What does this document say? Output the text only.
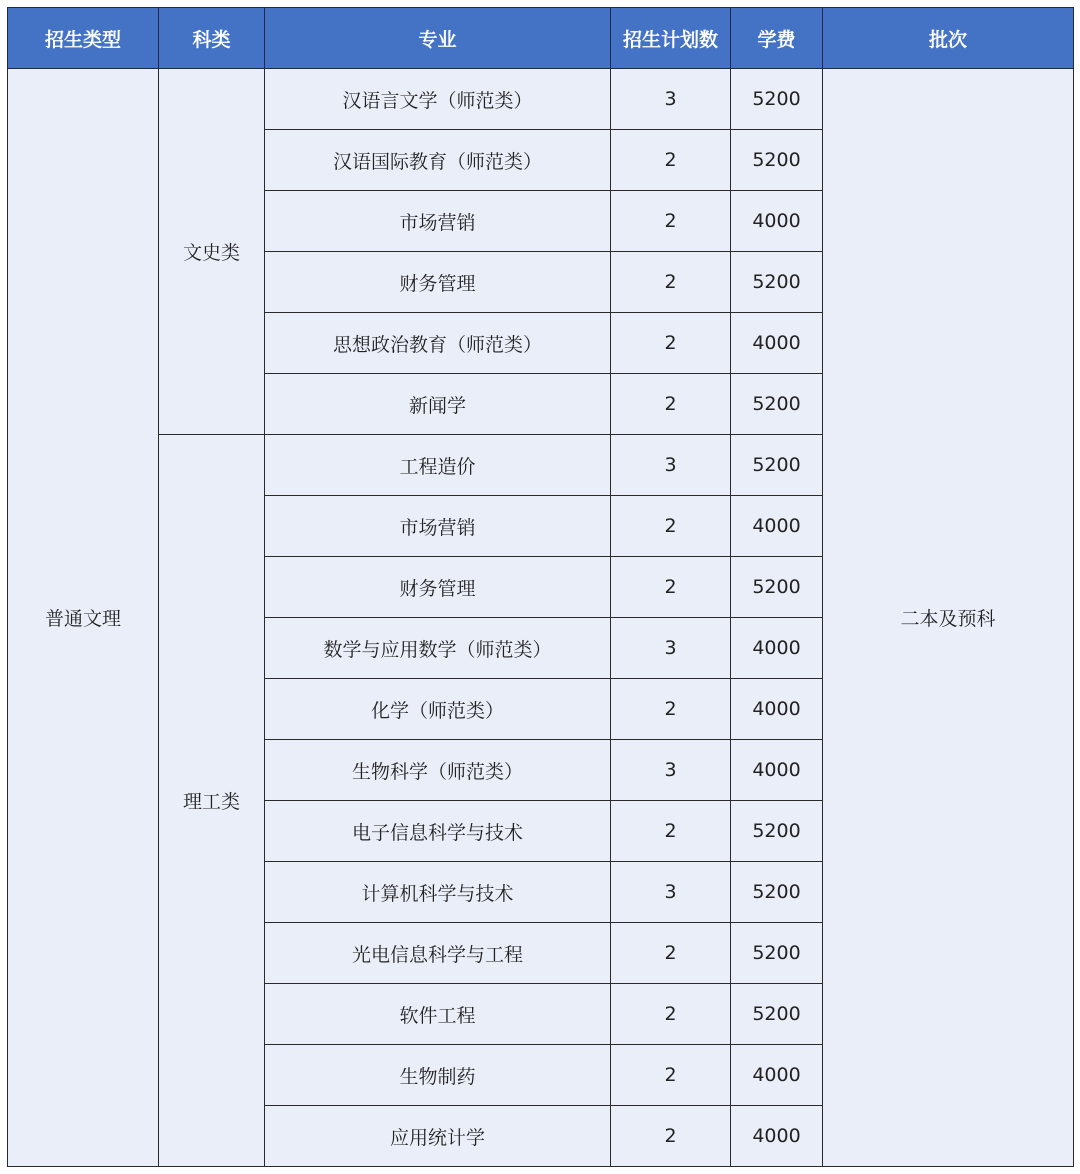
招生类型	科类	专业	招生计划数	学费	批次
普通文理	文史类	汉语言文学（师范类）	3	5200	二本及预科
		汉语国际教育（师范类）	2	5200	
		市场营销	2	4000	
		财务管理	2	5200	
		思想政治教育（师范类）	2	4000	
		新闻学	2	5200	
	理工类	工程造价	3	5200	
		市场营销	2	4000	
		财务管理	2	5200	
		数学与应用数学（师范类）	3	4000	
		化学（师范类）	2	4000	
		生物科学（师范类）	3	4000	
		电子信息科学与技术	2	5200	
		计算机科学与技术	3	5200	
		光电信息科学与工程	2	5200	
		软件工程	2	5200	
		生物制药	2	4000	
		应用统计学	2	4000	
